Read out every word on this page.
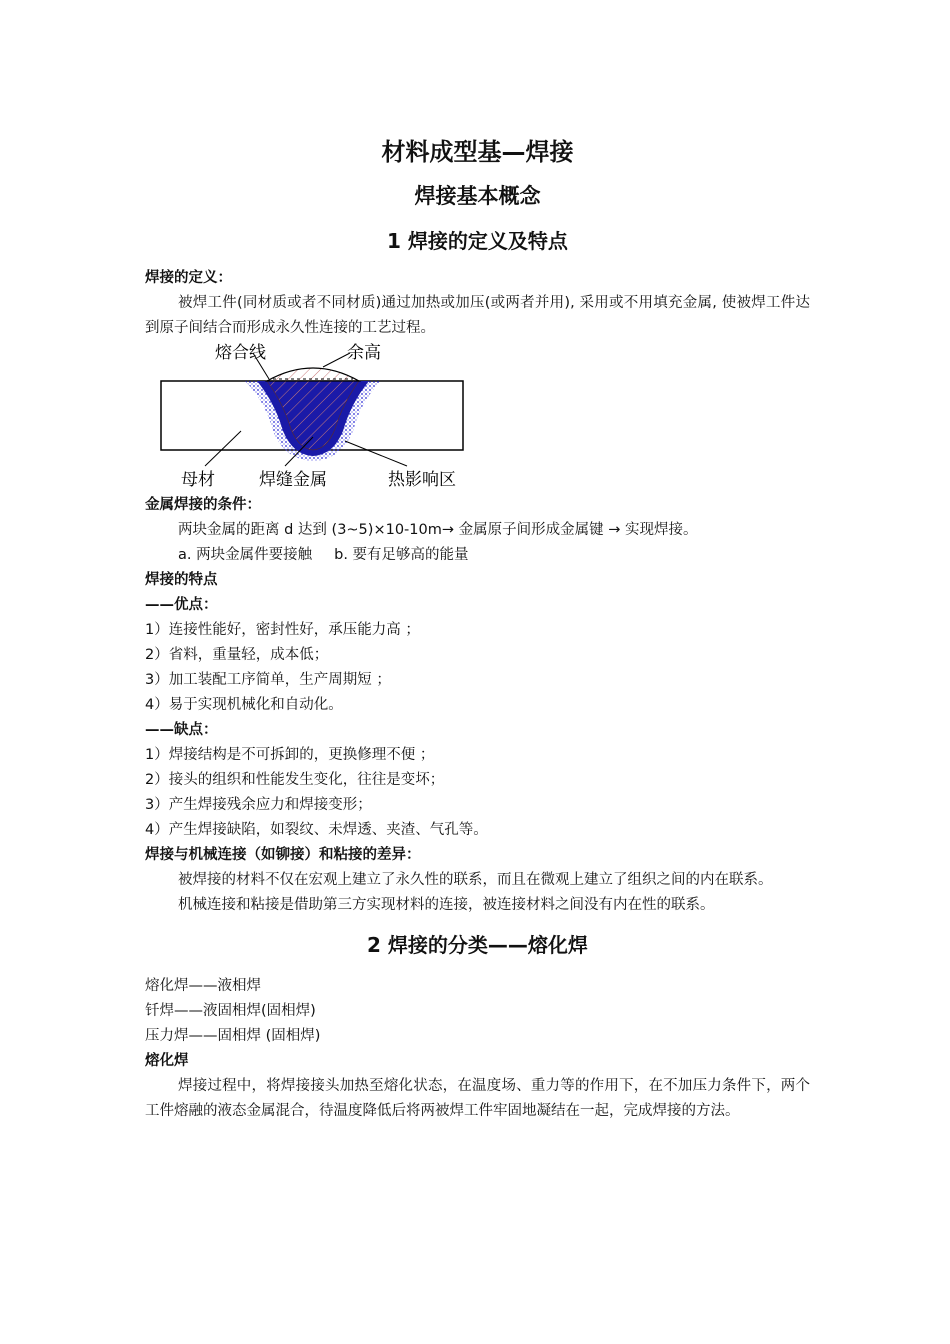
材料成型基—焊接
焊接基本概念
1 焊接的定义及特点
焊接的定义：

被焊工件(同材质或者不同材质)通过加热或加压(或两者并用), 采用或不用填充金属, 使被焊工件达到原子间结合而形成永久性连接的工艺过程。

熔合线	余高
母材	焊缝金属	热影响区
金属焊接的条件：

两块金属的距离 d 达到 (3~5)×10-10m→ 金属原子间形成金属键 → 实现焊接。

a. 两块金属件要接触 b. 要有足够高的能量

焊接的特点
——优点：

1）连接性能好，密封性好，承压能力高 ；

2）省料，重量轻，成本低；

3）加工装配工序简单，生产周期短 ；

4）易于实现机械化和自动化。

——缺点：

1）焊接结构是不可拆卸的，更换修理不便 ；

2）接头的组织和性能发生变化，往往是变坏；

3）产生焊接残余应力和焊接变形；

4）产生焊接缺陷，如裂纹、未焊透、夹渣、气孔等。

焊接与机械连接（如铆接）和粘接的差异：

被焊接的材料不仅在宏观上建立了永久性的联系，而且在微观上建立了组织之间的内在联系。

机械连接和粘接是借助第三方实现材料的连接，被连接材料之间没有内在性的联系。

2 焊接的分类——熔化焊

熔化焊——液相焊

钎焊——液固相焊(固相焊)

压力焊——固相焊 (固相焊)

熔化焊

焊接过程中，将焊接接头加热至熔化状态，在温度场、重力等的作用下，在不加压力条件下，两个工件熔融的液态金属混合，待温度降低后将两被焊工件牢固地凝结在一起，完成焊接的方法。
